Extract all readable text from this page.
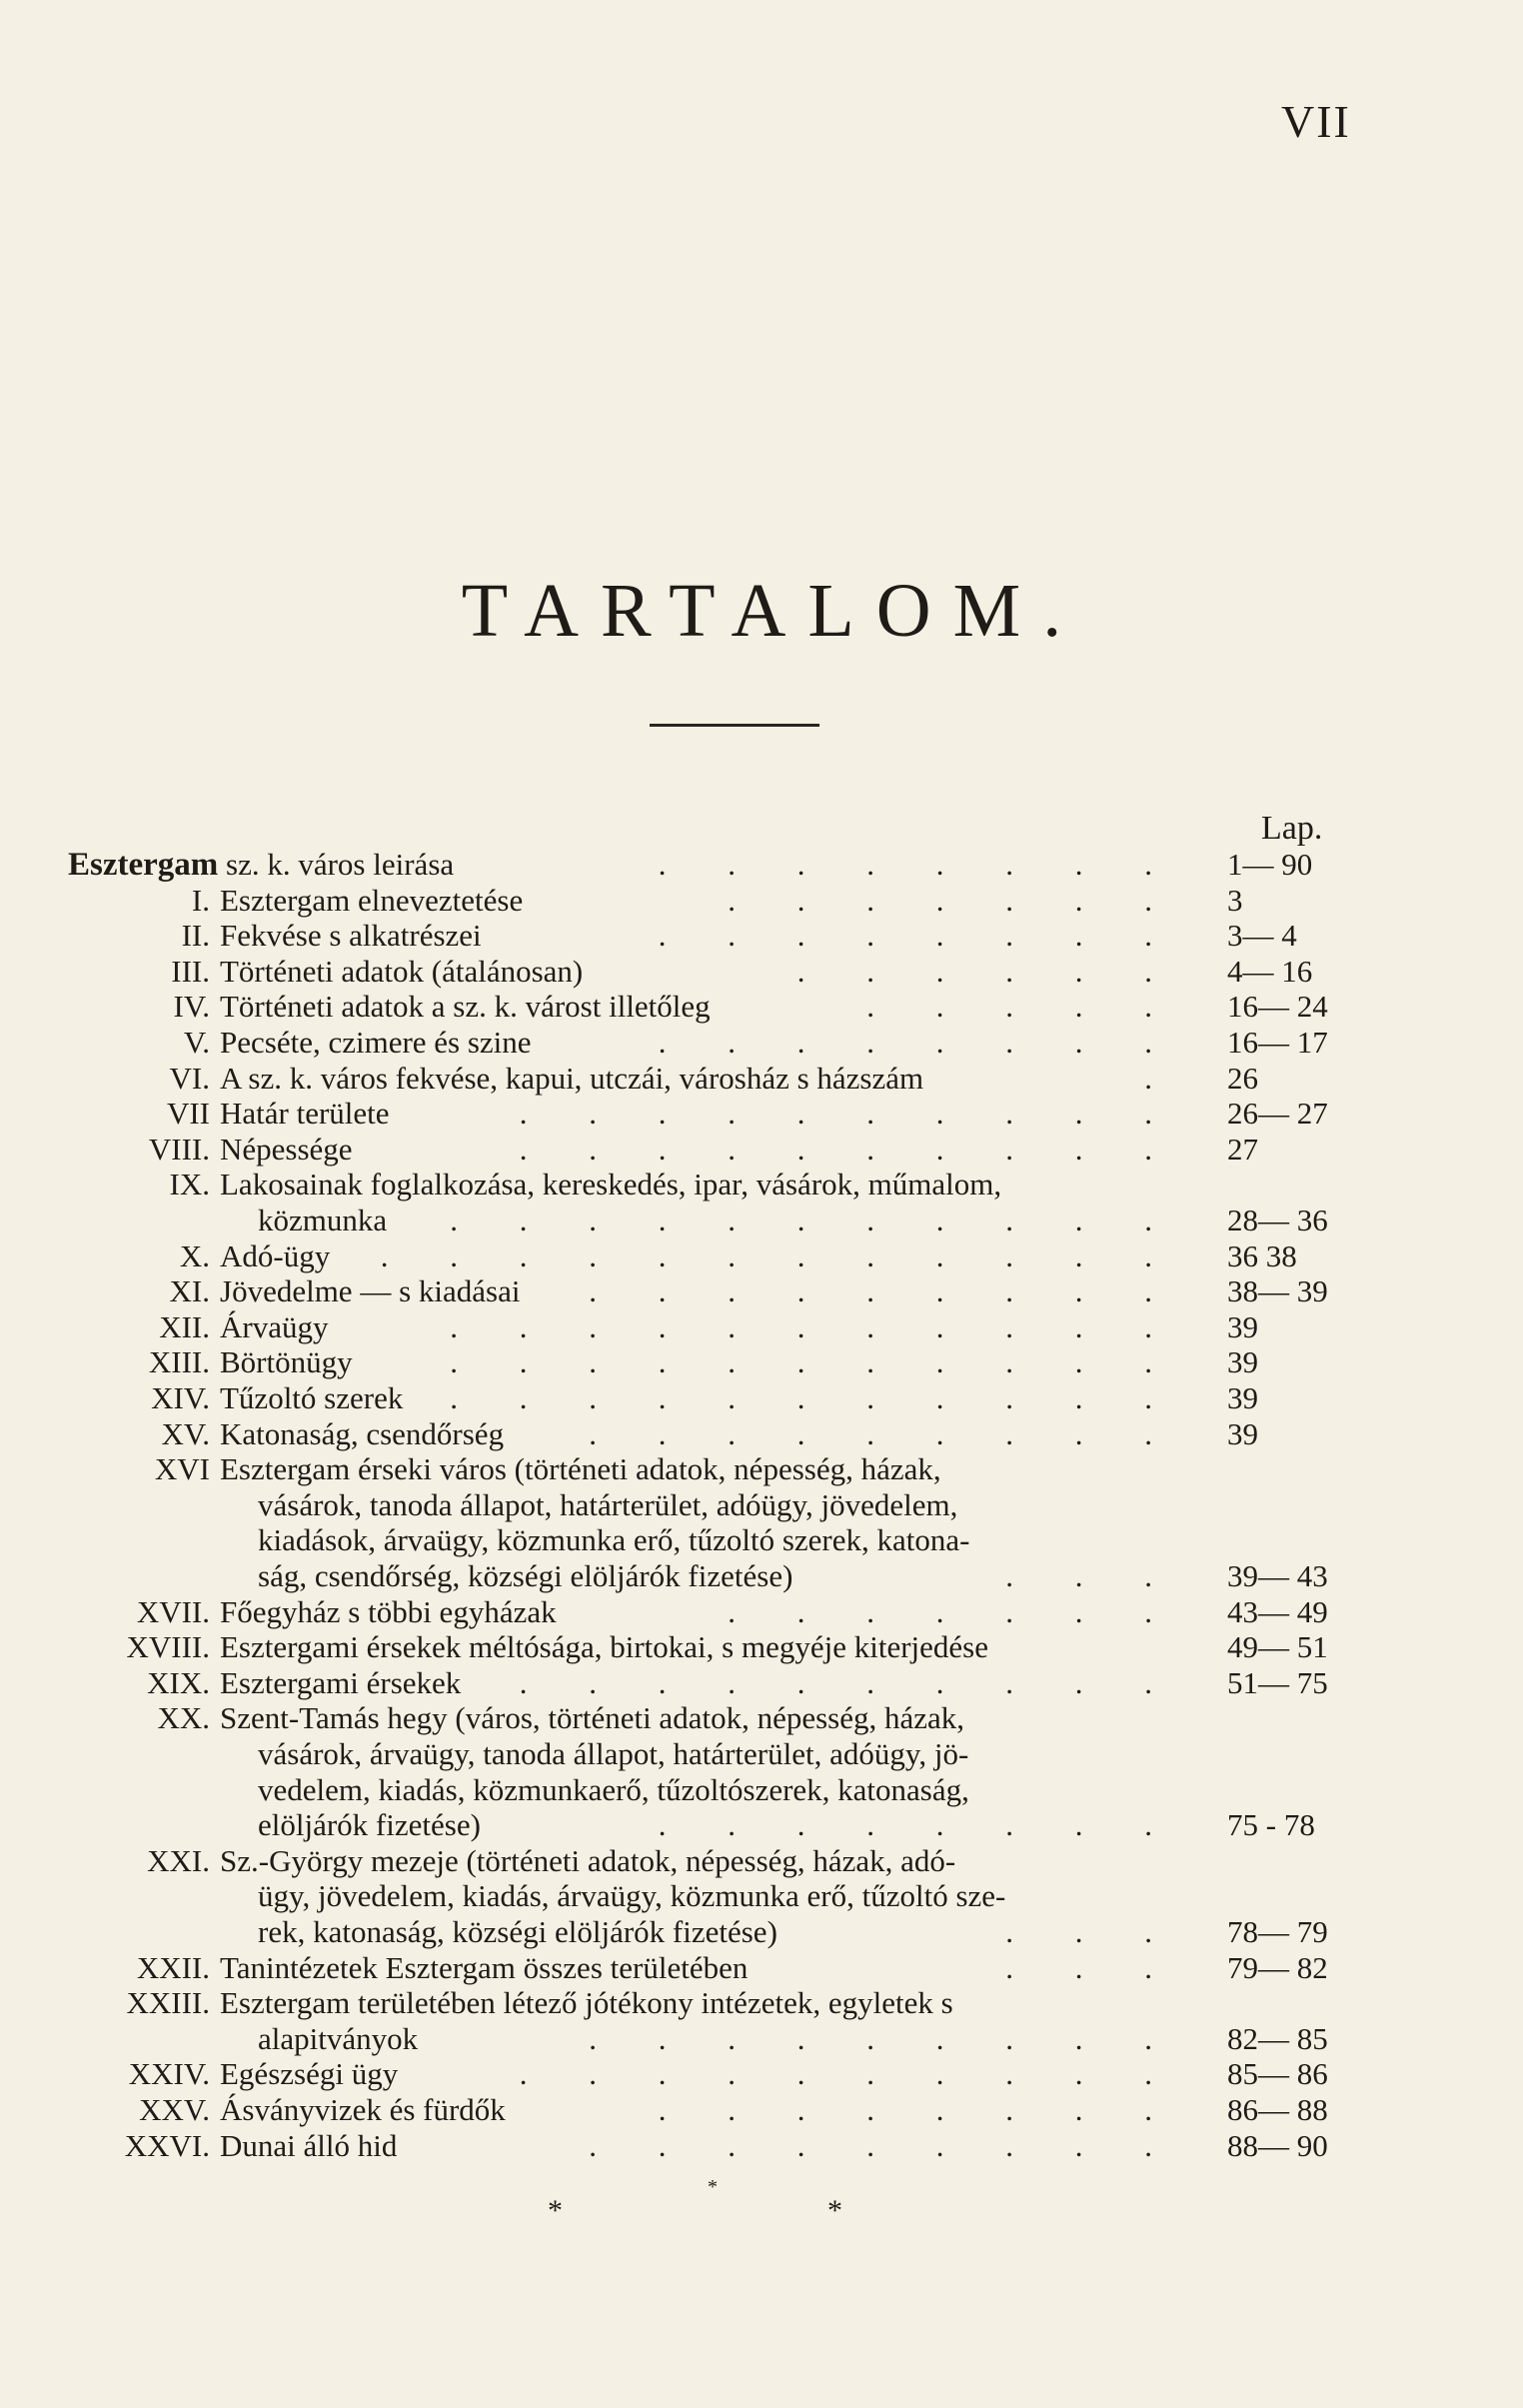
VII
TARTALOM.
Lap.
Esztergam sz. k. város leirása	. . . . . . . . 1— 90
I. Esztergam elneveztetése	. . . . . . . 3
II. Fekvése s alkatrészei	. . . . . . . . 3— 4
III. Történeti adatok (átalánosan)	. . . . . . 4— 16
IV. Történeti adatok a sz. k. várost illetőleg	. . . . . 16— 24
V. Pecséte, czimere és szine	. . . . . . . . 16— 17
VI. A sz. k. város fekvése, kapui, utczái, városház s házszám	. 26
VII Határ területe	. . . . . . . . . . 26— 27
VIII. Népessége	. . . . . . . . . . 27
IX. Lakosainak foglalkozása, kereskedés, ipar, vásárok, műmalom,
közmunka . . . . . . . . . . . 28— 36
X. Adó-ügy . . . . . . . . . . . . 36 38
XI. Jövedelme — s kiadásai . . . . . . . . . 38— 39
XII. Árvaügy	. . . . . . . . . . . 39
XIII. Börtönügy	. . . . . . . . . . . 39
XIV. Tűzoltó szerek . . . . . . . . . . . 39
XV. Katonaság, csendőrség	. . . . . . . . . 39
XVI Esztergam érseki város (történeti adatok, népesség, házak,
vásárok, tanoda állapot, határterület, adóügy, jövedelem,
kiadások, árvaügy, közmunka erő, tűzoltó szerek, katona-
ság, csendőrség, községi elöljárók fizetése)	. . . 39— 43
XVII. Főegyház s többi egyházak	. . . . . . . 43— 49
XVIII. Esztergami érsekek méltósága, birtokai, s megyéje kiterjedése	49— 51
XIX. Esztergami érsekek . . . . . . . . . . 51— 75
XX. Szent-Tamás hegy (város, történeti adatok, népesség, házak,
vásárok, árvaügy, tanoda állapot, határterület, adóügy, jö-
vedelem, kiadás, közmunkaerő, tűzoltószerek, katonaság,
elöljárók fizetése)	. . . . . . . . 75 - 78
XXI. Sz.-György mezeje (történeti adatok, népesség, házak, adó-
ügy, jövedelem, kiadás, árvaügy, közmunka erő, tűzoltó sze-
rek, katonaság, községi elöljárók fizetése)	. . . 78— 79
XXII. Tanintézetek Esztergam összes területében	. . . 79— 82
XXIII. Esztergam területében létező jótékony intézetek, egyletek s
alapitványok	. . . . . . . . . 82— 85
XXIV. Egészségi ügy	. . . . . . . . . . 85— 86
XXV. Ásványvizek és fürdők	. . . . . . . . 86— 88
XXVI. Dunai álló hid	. . . . . . . . . 88— 90
*
*
*
